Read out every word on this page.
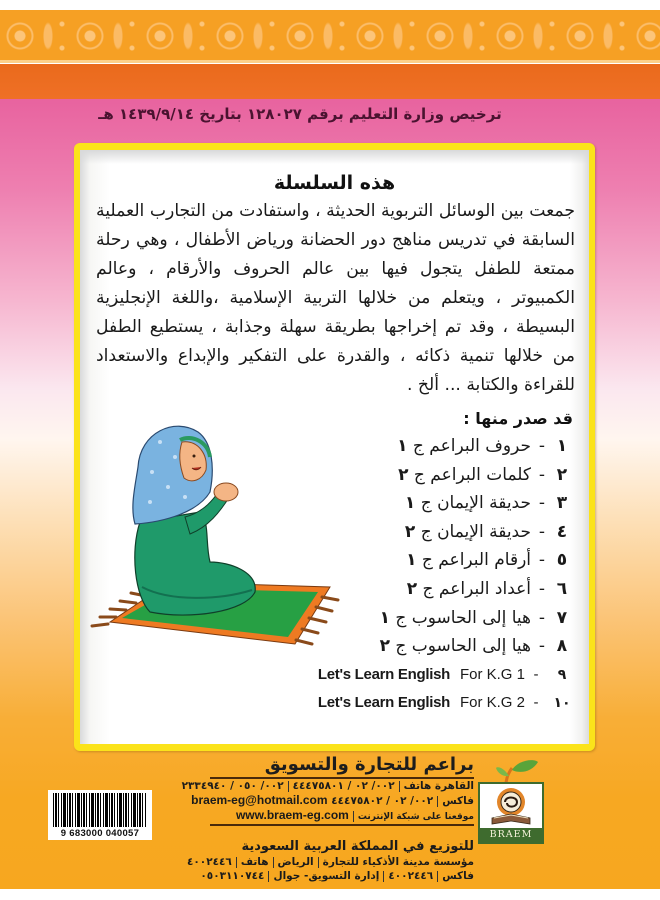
ترخيص وزارة التعليم برقم ١٢٨٠٢٧ بتاريخ ١٤٣٩/٩/١٤ هـ
هذه السلسلة

جمعت بين الوسائل التربوية الحديثة ، واستفادت من التجارب العملية السابقة في تدريس مناهج دور الحضانة ورياض الأطفال ، وهي رحلة ممتعة للطفل يتجول فيها بين عالم الحروف والأرقام ، وعالم الكمبيوتر ، ويتعلم من خلالها التربية الإسلامية ،واللغة الإنجليزية البسيطة ، وقد تم إخراجها بطريقة سهلة وجذابة ، يستطيع الطفل من خلالها تنمية ذكائه ، والقدرة على التفكير والإبداع والاستعداد للقراءة والكتابة ... ألخ .

قد صدر منها :
١-حروف البراعم ج ١
٢-كلمات البراعم ج ٢
٣-حديقة الإيمان ج ١
٤-حديقة الإيمان ج ٢
٥-أرقام البراعم ج ١
٦-أعداد البراعم ج ٢
٧-هيا إلى الحاسوب ج ١
٨-هيا إلى الحاسوب ج ٢
Let's Learn English For K.G 1 - ٩
Let's Learn English For K.G 2 - ١٠
9 683000 040057
براعم للتجارة والتسويق
القاهرة هاتف٠٠٢/ ٠٢ / ٤٤٤٧٥٨٠١٠٠٢/ ٠٥٠ / ٢٣٣٤٩٤٠
فاكس٠٠٢/ ٠٢ / ٤٤٤٧٥٨٠٢ braem-eg@hotmail.com
موقعنا على شبكة الإنترنتwww.braem-eg.com
للتوزيع في المملكة العربية السعودية
مؤسسة مدينة الأذكياء للتجارةالرياضهاتف٤٠٠٢٤٤٦
فاكس٤٠٠٢٤٤٦إدارة التسويق- جوال٠٥٠٣١١٠٧٤٤
BRAEM
